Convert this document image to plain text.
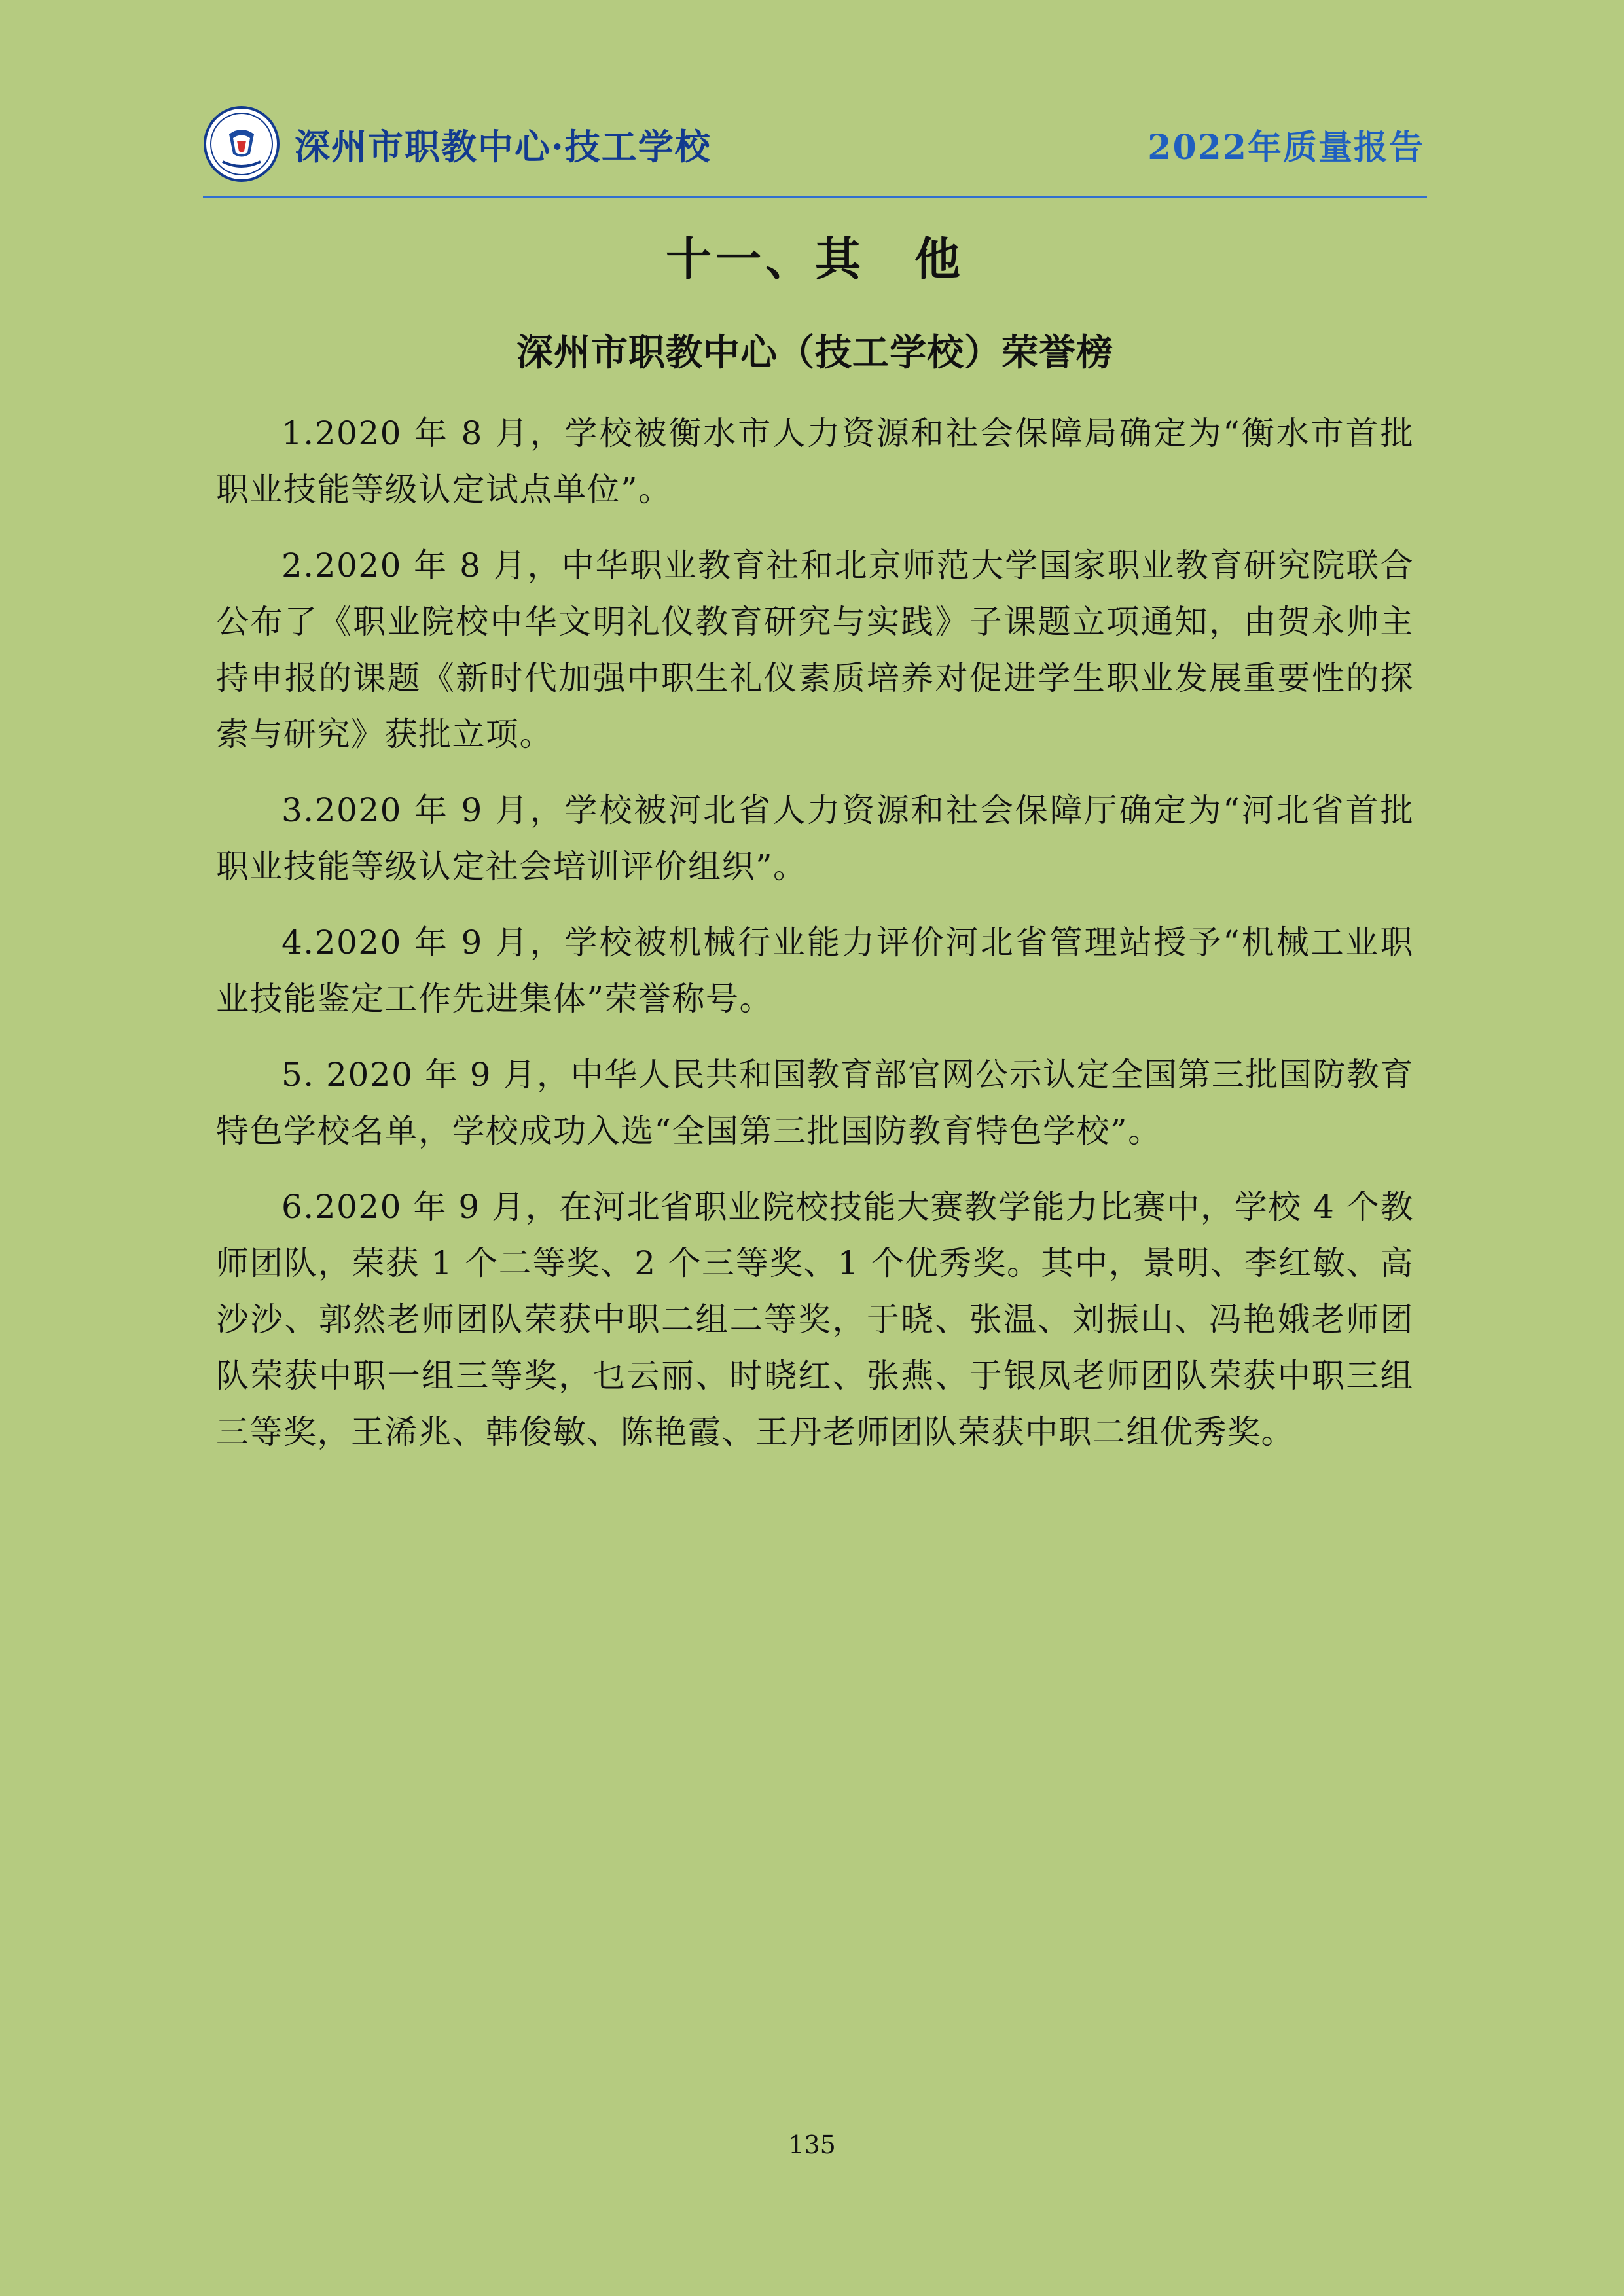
深州市职教中心·技工学校	2022年质量报告
十一、其　他
深州市职教中心（技工学校）荣誉榜

1.2020 年 8 月，学校被衡水市人力资源和社会保障局确定为“衡水市首批职业技能等级认定试点单位”。

2.2020 年 8 月，中华职业教育社和北京师范大学国家职业教育研究院联合公布了《职业院校中华文明礼仪教育研究与实践》子课题立项通知，由贺永帅主持申报的课题《新时代加强中职生礼仪素质培养对促进学生职业发展重要性的探索与研究》获批立项。

3.2020 年 9 月，学校被河北省人力资源和社会保障厅确定为“河北省首批职业技能等级认定社会培训评价组织”。

4.2020 年 9 月，学校被机械行业能力评价河北省管理站授予“机械工业职业技能鉴定工作先进集体”荣誉称号。

5. 2020 年 9 月，中华人民共和国教育部官网公示认定全国第三批国防教育特色学校名单，学校成功入选“全国第三批国防教育特色学校”。

6.2020 年 9 月，在河北省职业院校技能大赛教学能力比赛中，学校 4 个教师团队，荣获 1 个二等奖、2 个三等奖、1 个优秀奖。其中，景明、李红敏、高沙沙、郭然老师团队荣获中职二组二等奖，于晓、张温、刘振山、冯艳娥老师团队荣获中职一组三等奖，乜云丽、时晓红、张燕、于银凤老师团队荣获中职三组三等奖，王浠兆、韩俊敏、陈艳霞、王丹老师团队荣获中职二组优秀奖。

135
